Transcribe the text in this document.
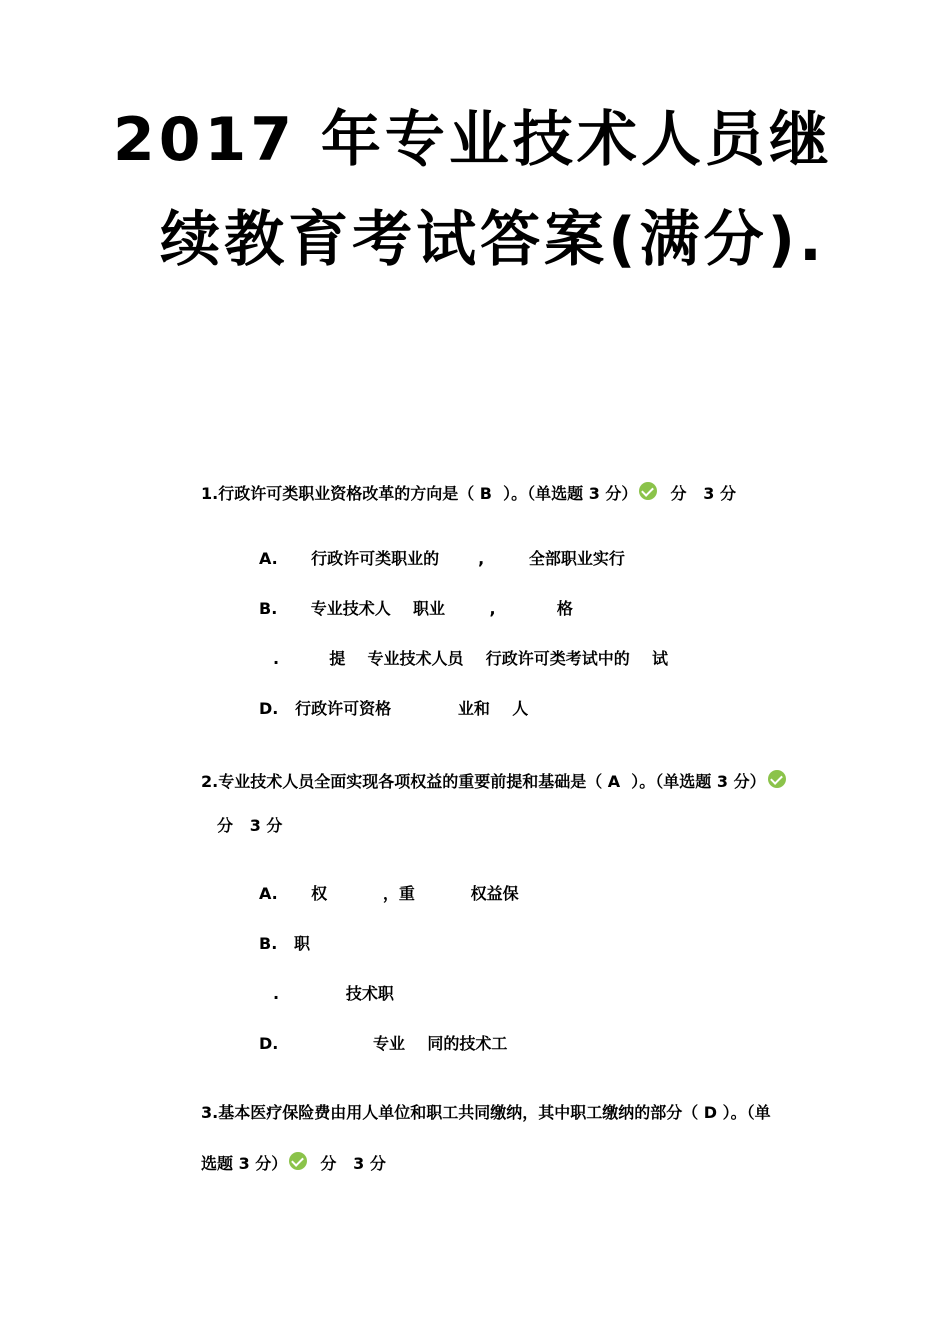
2017 年专业技术人员继
续教育考试答案(满分).
1.行政许可类职业资格改革的方向是（ B  ）。（单选题 3 分）  分   3 分
A.      行政许可类职业的       ,        全部职业实行
B.      专业技术人    职业        ,           格
.         提    专业技术人员    行政许可类考试中的    试
D.   行政许可资格            业和    人
2.专业技术人员全面实现各项权益的重要前提和基础是（ A  ）。（单选题 3 分）
分   3 分
A.      权          ，重          权益保
B.   职
.            技术职
D.                 专业    同的技术工
3.基本医疗保险费由用人单位和职工共同缴纳，其中职工缴纳的部分（ D ）。（单
选题 3 分）  分   3 分
